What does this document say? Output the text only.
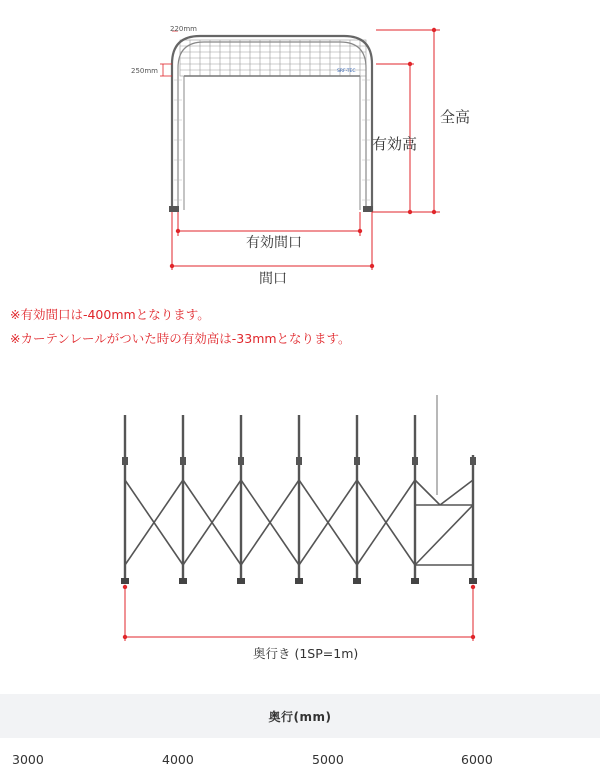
SRF-TEC
220mm
250mm
全高
有効高
有効間口
間口
※有効間口は-400mmとなります。
※カーテンレールがついた時の有効高は-33mmとなります。
奥行き (1SP=1m)
奥行(mm)
3000	4000	5000	6000
